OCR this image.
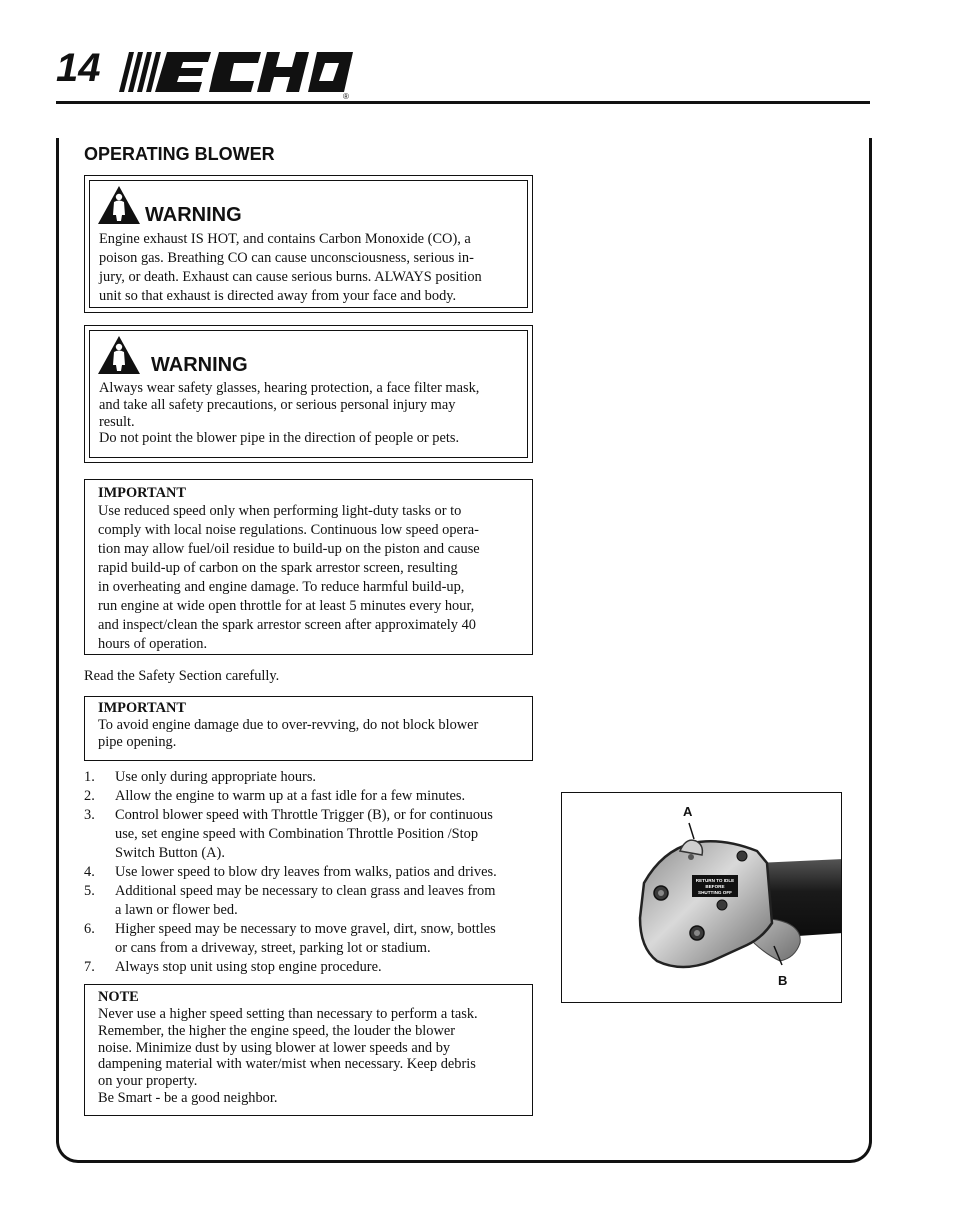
14
®
OPERATING BLOWER
WARNING

Engine exhaust IS HOT, and contains Carbon Monoxide (CO), a
poison gas. Breathing CO can cause unconsciousness, serious in-
jury, or death. Exhaust can cause serious burns. ALWAYS position
unit so that exhaust is directed away from your face and body.

WARNING

Always wear safety glasses, hearing protection, a face filter mask,
and take all safety precautions, or serious personal injury may
result.
Do not point the blower pipe in the direction of people or pets.

IMPORTANT

Use reduced speed only when performing light-duty tasks or to
comply with local noise regulations. Continuous low speed opera-
tion may allow fuel/oil residue to build-up on the piston and cause
rapid build-up of carbon on the spark arrestor screen, resulting
in overheating and engine damage. To reduce harmful build-up,
run engine at wide open throttle for at least 5 minutes every hour,
and inspect/clean the spark arrestor screen after approximately 40
hours of operation.

Read the Safety Section carefully.

IMPORTANT

To avoid engine damage due to over-revving, do not block blower
pipe opening.

1.	Use only during appropriate hours.
2.	Allow the engine to warm up at a fast idle for a few minutes.
3.	Control blower speed with Throttle Trigger (B), or for continuous
use, set engine speed with Combination Throttle Position /Stop
Switch Button (A).
4.	Use lower speed to blow dry leaves from walks, patios and drives.
5.	Additional speed may be necessary to clean grass and leaves from
a lawn or flower bed.
6.	Higher speed may be necessary to move gravel, dirt, snow, bottles
or cans from a driveway, street, parking lot or stadium.
7.	Always stop unit using stop engine procedure.

NOTE

Never use a higher speed setting than necessary to perform a task.
Remember, the higher the engine speed, the louder the blower
noise. Minimize dust by using blower at lower speeds and by
dampening material with water/mist when necessary. Keep debris
on your property.
Be Smart - be a good neighbor.

RETURN TO IDLE
BEFORE
SHUTTING OFF
A
B
